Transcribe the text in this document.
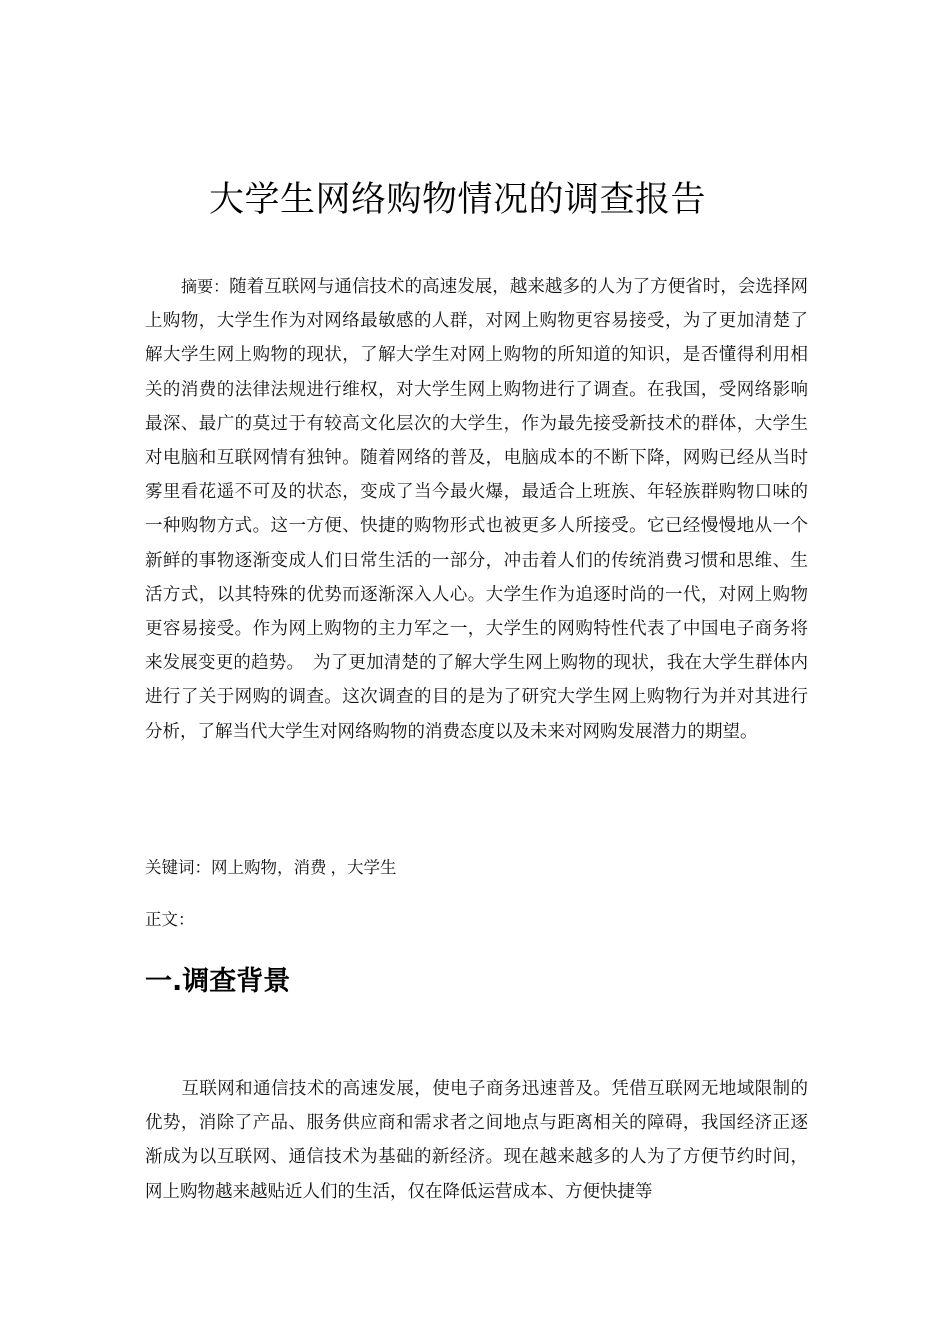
大学生网络购物情况的调查报告

摘要：随着互联网与通信技术的高速发展，越来越多的人为了方便省时，会选择网上购物，大学生作为对网络最敏感的人群，对网上购物更容易接受，为了更加清楚了解大学生网上购物的现状，了解大学生对网上购物的所知道的知识，是否懂得利用相关的消费的法律法规进行维权，对大学生网上购物进行了调查。在我国，受网络影响最深、最广的莫过于有较高文化层次的大学生，作为最先接受新技术的群体，大学生对电脑和互联网情有独钟。随着网络的普及，电脑成本的不断下降，网购已经从当时雾里看花遥不可及的状态，变成了当今最火爆，最适合上班族、年轻族群购物口味的一种购物方式。这一方便、快捷的购物形式也被更多人所接受。它已经慢慢地从一个新鲜的事物逐渐变成人们日常生活的一部分，冲击着人们的传统消费习惯和思维、生活方式，以其特殊的优势而逐渐深入人心。大学生作为追逐时尚的一代，对网上购物更容易接受。作为网上购物的主力军之一，大学生的网购特性代表了中国电子商务将来发展变更的趋势。　为了更加清楚的了解大学生网上购物的现状，我在大学生群体内进行了关于网购的调查。这次调查的目的是为了研究大学生网上购物行为并对其进行分析，了解当代大学生对网络购物的消费态度以及未来对网购发展潜力的期望。

关键词：网上购物，消费 ，大学生
正文：
一.调查背景

互联网和通信技术的高速发展，使电子商务迅速普及。凭借互联网无地域限制的优势，消除了产品、服务供应商和需求者之间地点与距离相关的障碍，我国经济正逐渐成为以互联网、通信技术为基础的新经济。现在越来越多的人为了方便节约时间，网上购物越来越贴近人们的生活，仅在降低运营成本、方便快捷等
